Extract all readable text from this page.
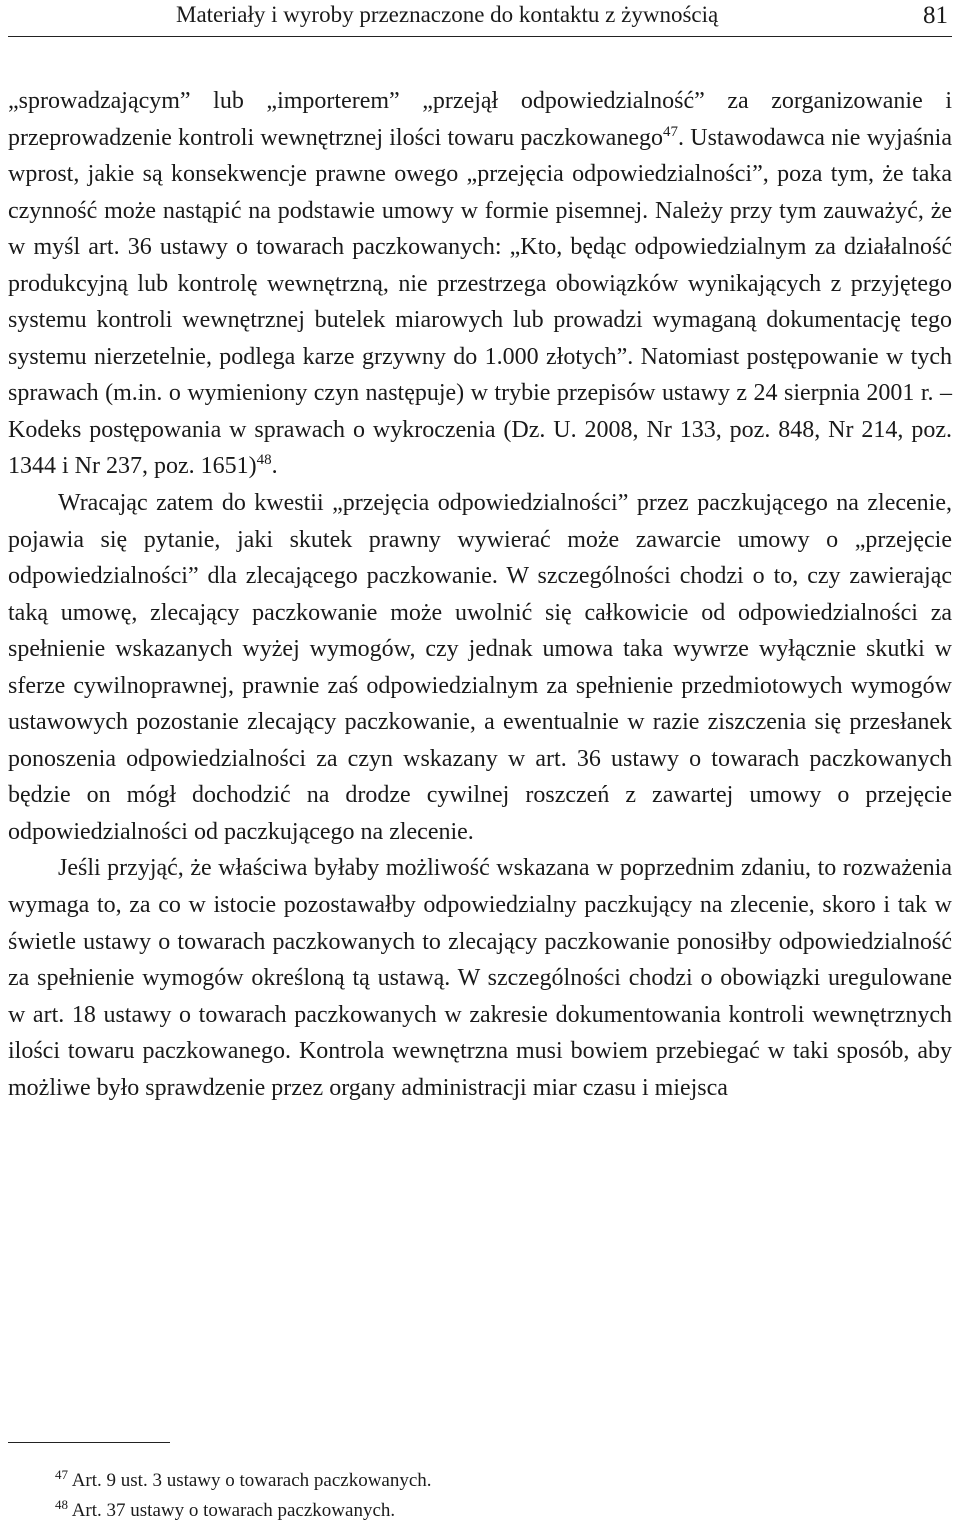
Materiały i wyroby przeznaczone do kontaktu z żywnością	81

„sprowadzającym” lub „importerem” „przejął odpowiedzialność” za zorganizowanie i przeprowadzenie kontroli wewnętrznej ilości towaru paczkowanego$^{47}$. Ustawodawca nie wyjaśnia wprost, jakie są konsekwencje prawne owego „przejęcia odpowiedzialności”, poza tym, że taka czynność może nastąpić na podstawie umowy w formie pisemnej. Należy przy tym zauważyć, że w myśl art. 36 ustawy o towarach paczkowanych: „Kto, będąc odpowiedzialnym za działalność produkcyjną lub kontrolę wewnętrzną, nie przestrzega obowiązków wynikających z przyjętego systemu kontroli wewnętrznej butelek miarowych lub prowadzi wymaganą dokumentację tego systemu nierzetelnie, podlega karze grzywny do 1.000 złotych”. Natomiast postępowanie w tych sprawach (m.in. o wymieniony czyn następuje) w trybie przepisów ustawy z 24 sierpnia 2001 r. – Kodeks postępowania w sprawach o wykroczenia (Dz. U. 2008, Nr 133, poz. 848, Nr 214, poz. 1344 i Nr 237, poz. 1651)$^{48}$.

Wracając zatem do kwestii „przejęcia odpowiedzialności” przez paczkującego na zlecenie, pojawia się pytanie, jaki skutek prawny wywierać może zawarcie umowy o „przejęcie odpowiedzialności” dla zlecającego paczkowanie. W szczególności chodzi o to, czy zawierając taką umowę, zlecający paczkowanie może uwolnić się całkowicie od odpowiedzialności za spełnienie wskazanych wyżej wymogów, czy jednak umowa taka wywrze wyłącznie skutki w sferze cywilnoprawnej, prawnie zaś odpowiedzialnym za spełnienie przedmiotowych wymogów ustawowych pozostanie zlecający paczkowanie, a ewentualnie w razie ziszczenia się przesłanek ponoszenia odpowiedzialności za czyn wskazany w art. 36 ustawy o towarach paczkowanych będzie on mógł dochodzić na drodze cywilnej roszczeń z zawartej umowy o przejęcie odpowiedzialności od paczkującego na zlecenie.

Jeśli przyjąć, że właściwa byłaby możliwość wskazana w poprzednim zdaniu, to rozważenia wymaga to, za co w istocie pozostawałby odpowiedzialny paczkujący na zlecenie, skoro i tak w świetle ustawy o towarach paczkowanych to zlecający paczkowanie ponosiłby odpowiedzialność za spełnienie wymogów określoną tą ustawą. W szczególności chodzi o obowiązki uregulowane w art. 18 ustawy o towarach paczkowanych w zakresie dokumentowania kontroli wewnętrznych ilości towaru paczkowanego. Kontrola wewnętrzna musi bowiem przebiegać w taki sposób, aby możliwe było sprawdzenie przez organy administracji miar czasu i miejsca

$^{47}$ Art. 9 ust. 3 ustawy o towarach paczkowanych.
$^{48}$ Art. 37 ustawy o towarach paczkowanych.
